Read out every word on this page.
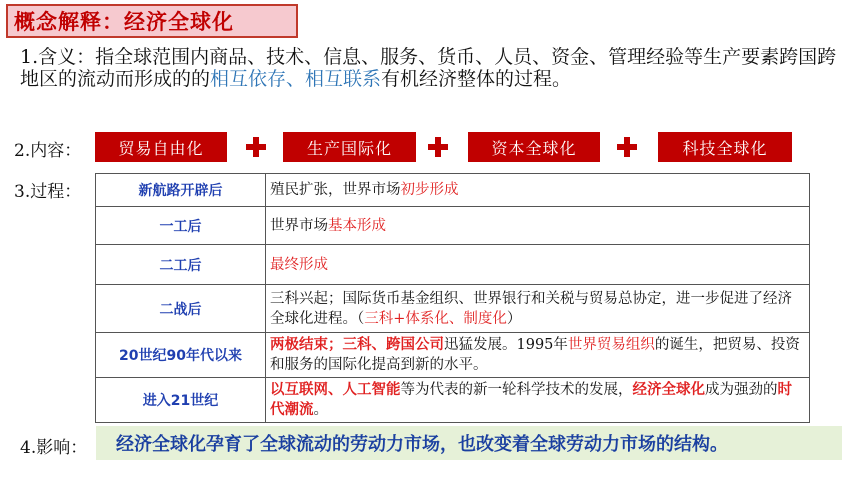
概念解释：经济全球化
1.含义：指全球范围内商品、技术、信息、服务、货币、人员、资金、管理经验等生产要素跨国跨地区的流动而形成的的相互依存、相互联系有机经济整体的过程。
2.内容：	贸易自由化	生产国际化	资本全球化	科技全球化
3.过程：	新航路开辟后	殖民扩张，世界市场初步形成
一工后	世界市场基本形成
二工后	最终形成
二战后	三科兴起；国际货币基金组织、世界银行和关税与贸易总协定，进一步促进了经济全球化进程。（三科+体系化、制度化）
20世纪90年代以来	两极结束；三科、跨国公司迅猛发展。1995年世界贸易组织的诞生，把贸易、投资和服务的国际化提高到新的水平。
进入21世纪	以互联网、人工智能等为代表的新一轮科学技术的发展，经济全球化成为强劲的时代潮流。
4.影响：	经济全球化孕育了全球流动的劳动力市场，也改变着全球劳动力市场的结构。
